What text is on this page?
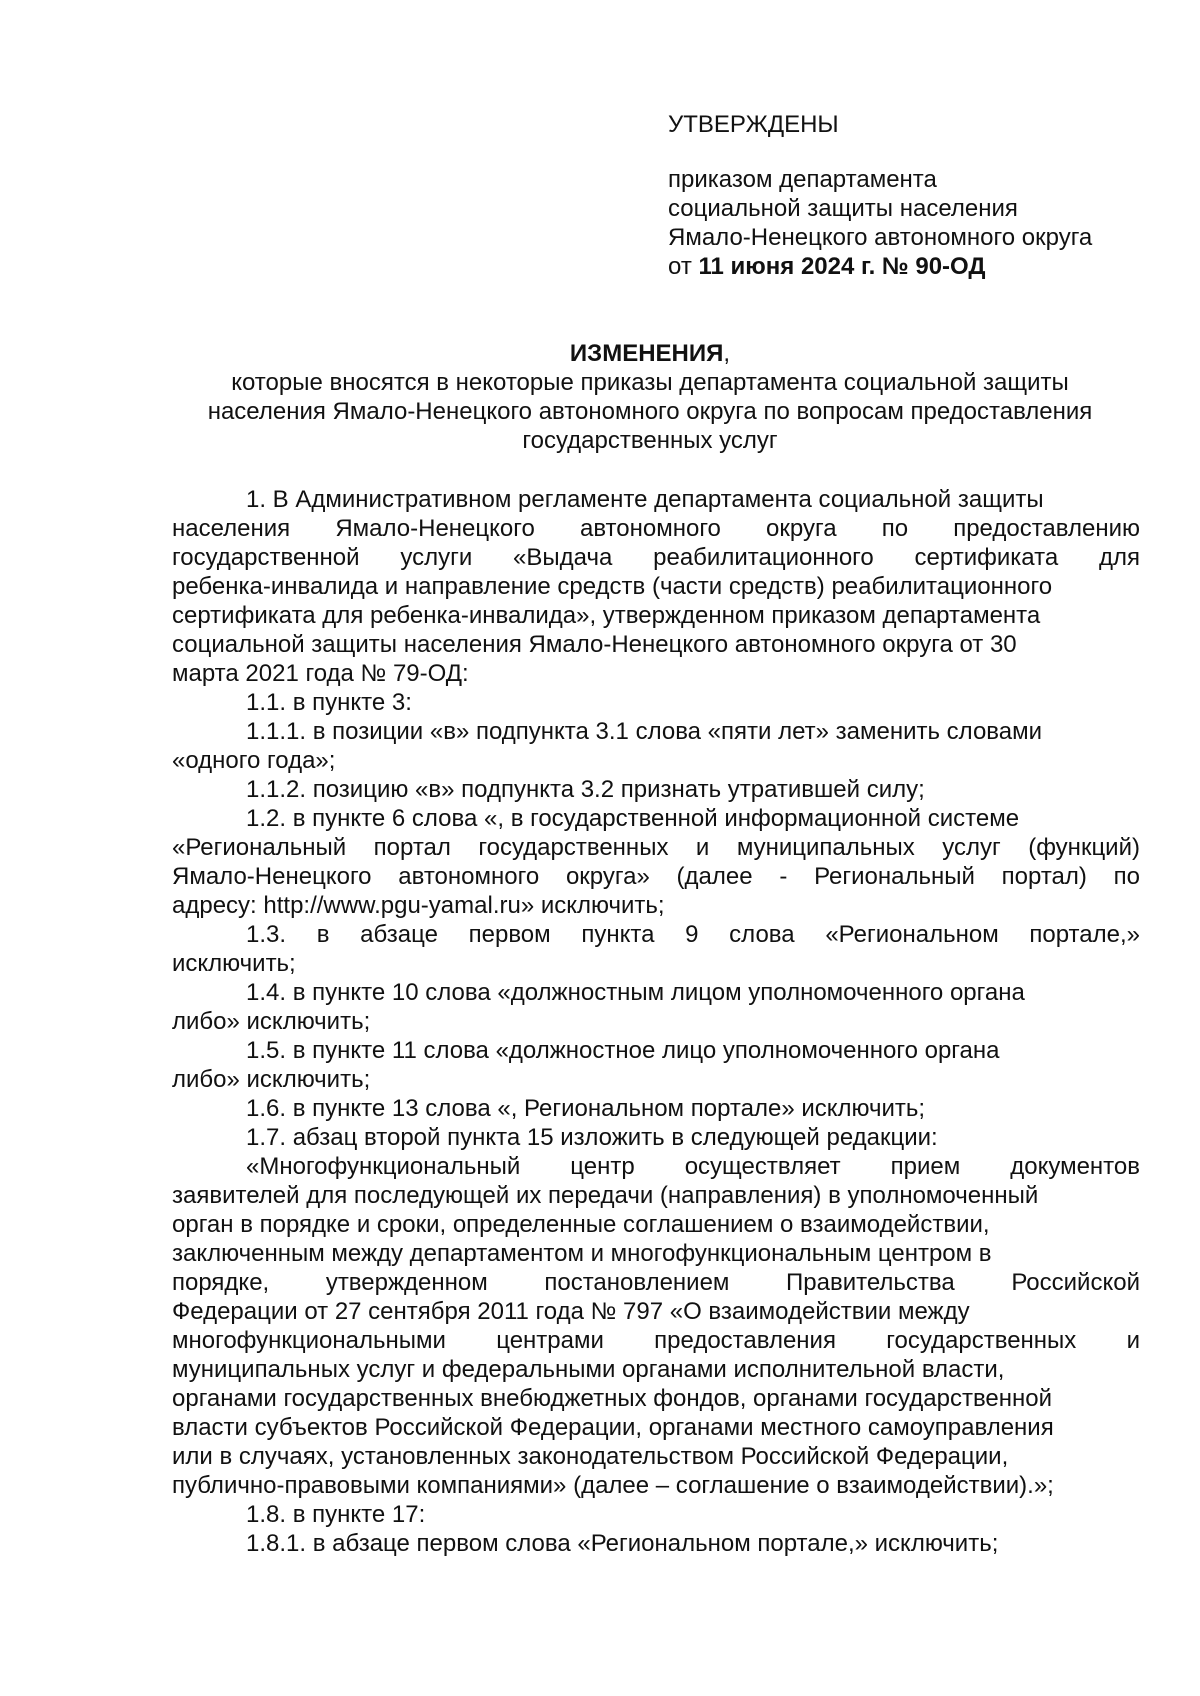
УТВЕРЖДЕНЫ
приказом департамента
социальной защиты населения
Ямало-Ненецкого автономного округа
от 11 июня 2024 г. № 90-ОД
ИЗМЕНЕНИЯ,
которые вносятся в некоторые приказы департамента социальной защиты
населения Ямало-Ненецкого автономного округа по вопросам предоставления
государственных услуг
1. В Административном регламенте департамента социальной защиты
населения Ямало-Ненецкого автономного округа по предоставлению
государственной услуги «Выдача реабилитационного сертификата для
ребенка-инвалида и направление средств (части средств) реабилитационного
сертификата для ребенка-инвалида», утвержденном приказом департамента
социальной защиты населения Ямало-Ненецкого автономного округа от 30
марта 2021 года № 79-ОД:
1.1. в пункте 3:
1.1.1. в позиции «в» подпункта 3.1 слова «пяти лет» заменить словами
«одного года»;
1.1.2. позицию «в» подпункта 3.2 признать утратившей силу;
1.2. в пункте 6 слова «, в государственной информационной системе
«Региональный портал государственных и муниципальных услуг (функций)
Ямало-Ненецкого автономного округа» (далее - Региональный портал) по
адресу: http://www.pgu-yamal.ru» исключить;
1.3. в абзаце первом пункта 9 слова «Региональном портале,»
исключить;
1.4. в пункте 10 слова «должностным лицом уполномоченного органа
либо» исключить;
1.5. в пункте 11 слова «должностное лицо уполномоченного органа
либо» исключить;
1.6. в пункте 13 слова «, Региональном портале» исключить;
1.7. абзац второй пункта 15 изложить в следующей редакции:
«Многофункциональный центр осуществляет прием документов
заявителей для последующей их передачи (направления) в уполномоченный
орган в порядке и сроки, определенные соглашением о взаимодействии,
заключенным между департаментом и многофункциональным центром в
порядке, утвержденном постановлением Правительства Российской
Федерации от 27 сентября 2011 года № 797 «О взаимодействии между
многофункциональными центрами предоставления государственных и
муниципальных услуг и федеральными органами исполнительной власти,
органами государственных внебюджетных фондов, органами государственной
власти субъектов Российской Федерации, органами местного самоуправления
или в случаях, установленных законодательством Российской Федерации,
публично-правовыми компаниями» (далее – соглашение о взаимодействии).»;
1.8. в пункте 17:
1.8.1. в абзаце первом слова «Региональном портале,» исключить;
